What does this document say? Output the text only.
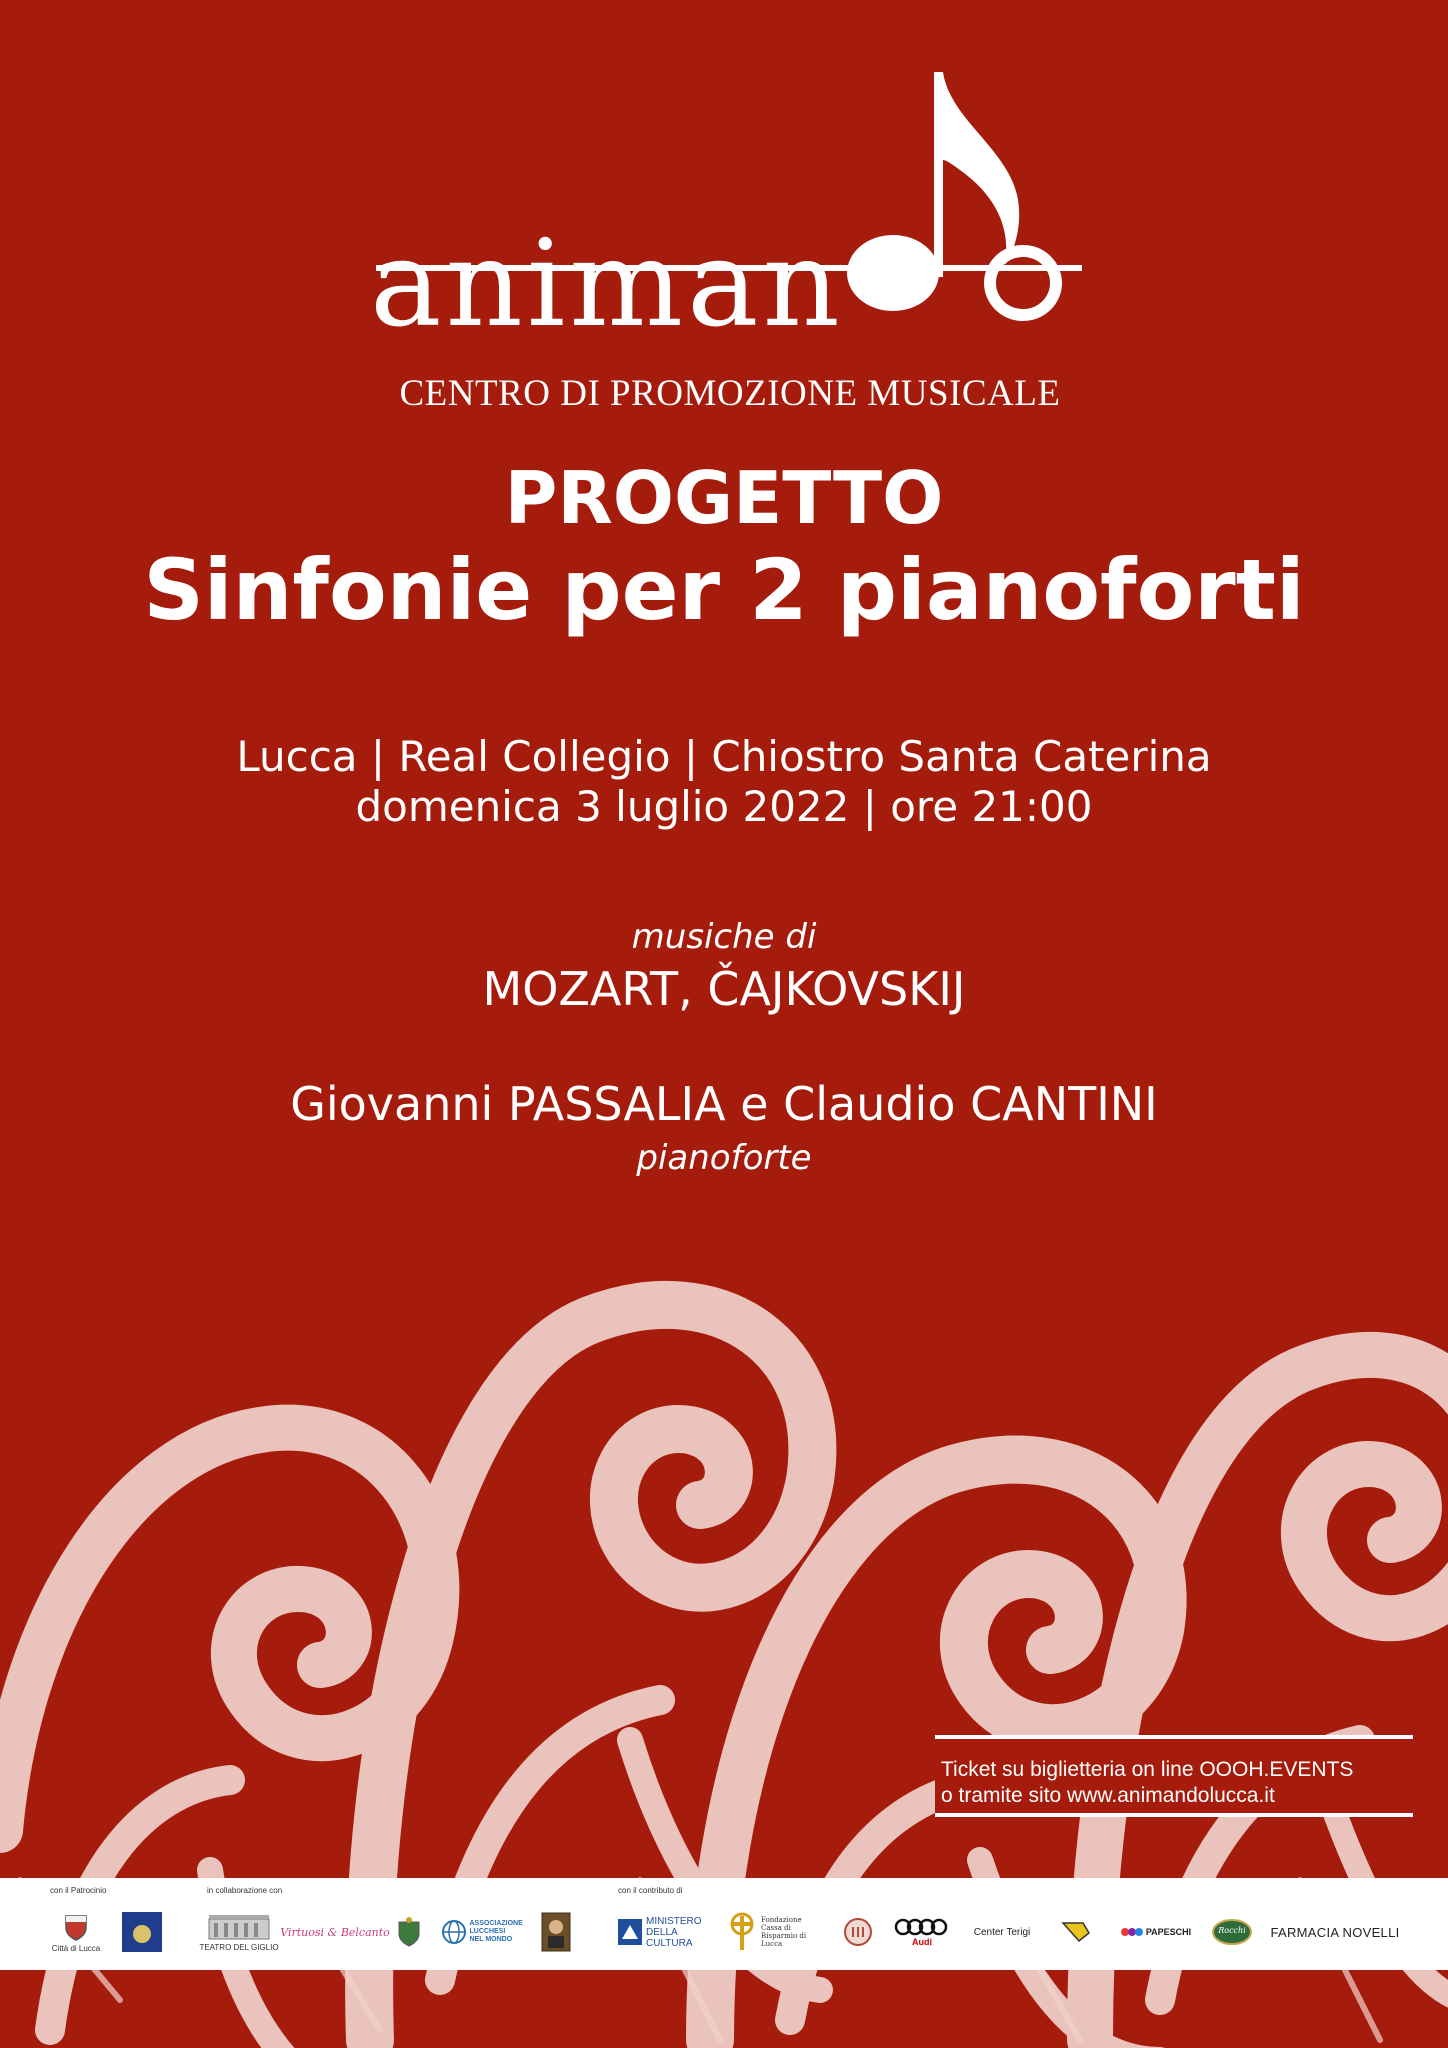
animan
CENTRO DI PROMOZIONE MUSICALE
PROGETTO
Sinfonie per 2 pianoforti
Lucca | Real Collegio | Chiostro Santa Caterina
domenica 3 luglio 2022 | ore 21:00
musiche di
MOZART, ČAJKOVSKIJ
Giovanni PASSALIA e Claudio CANTINI
pianoforte
Ticket su biglietteria on line OOOH.EVENTS
o tramite sito www.animandolucca.it
con il Patrocinio	in collaborazione con	con il contributo di
Città di Lucca	TEATRO DEL GIGLIO
Virtuosi & Belcanto
ASSOCIAZIONE LUCCHESI NEL MONDO
MINISTERO DELLA CULTURA
Fondazione Cassa di Risparmio di Lucca	Audi
Center Terigi	PAPESCHI	Rocchi FARMACIA NOVELLI
